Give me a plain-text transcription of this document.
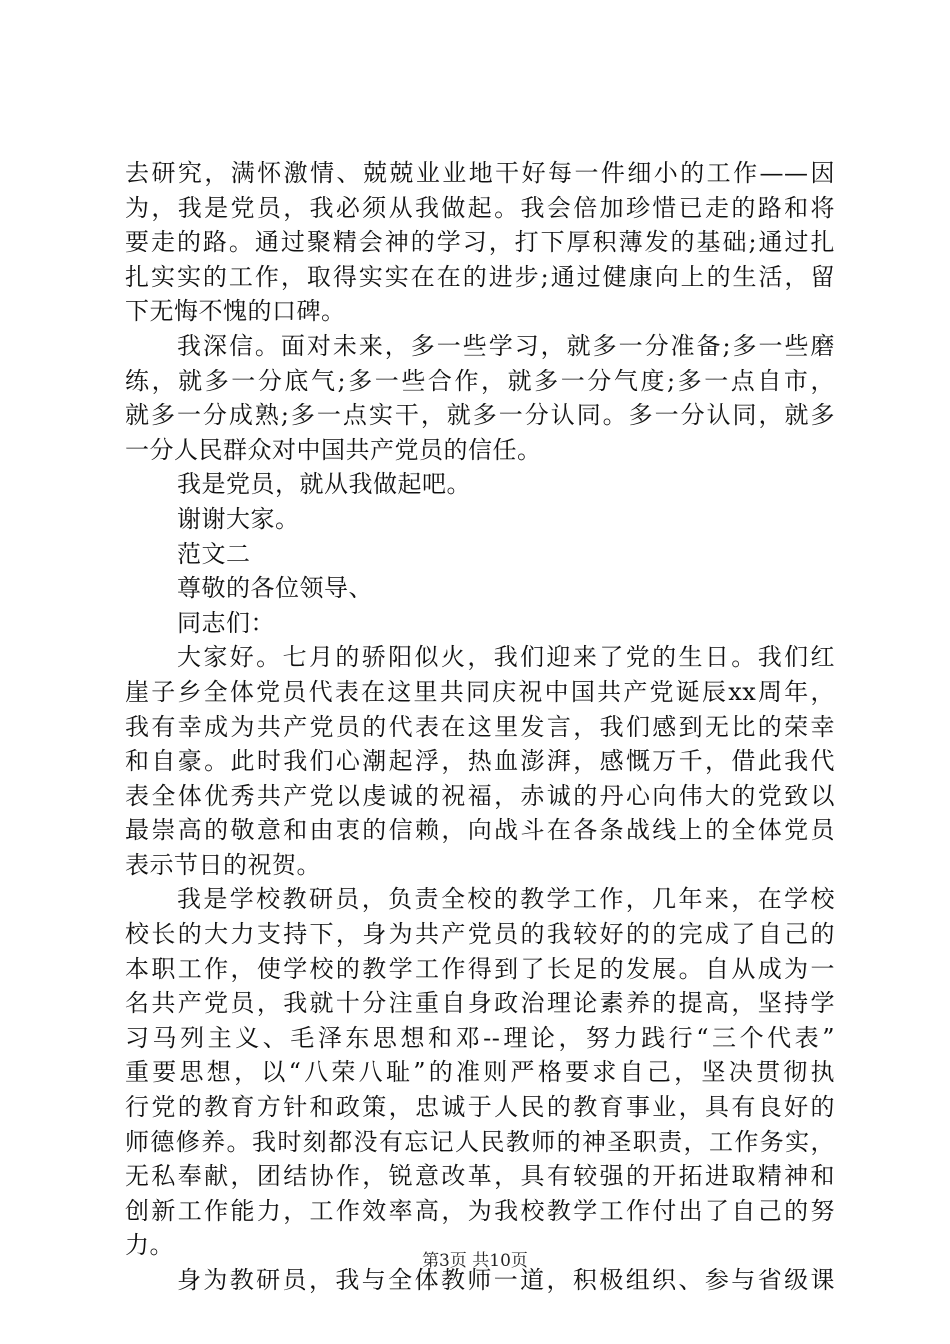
去研究，满怀激情、兢兢业业地干好每一件细小的工作——因
为，我是党员，我必须从我做起。我会倍加珍惜已走的路和将
要走的路。通过聚精会神的学习，打下厚积薄发的基础;通过扎
扎实实的工作，取得实实在在的进步;通过健康向上的生活，留
下无悔不愧的口碑。
我深信。面对未来，多一些学习，就多一分准备;多一些磨
练，就多一分底气;多一些合作，就多一分气度;多一点自市，
就多一分成熟;多一点实干，就多一分认同。多一分认同，就多
一分人民群众对中国共产党员的信任。
我是党员，就从我做起吧。
谢谢大家。
范文二
尊敬的各位领导、
同志们：
大家好。七月的骄阳似火，我们迎来了党的生日。我们红
崖子乡全体党员代表在这里共同庆祝中国共产党诞辰xx周年，
我有幸成为共产党员的代表在这里发言，我们感到无比的荣幸
和自豪。此时我们心潮起浮，热血澎湃，感慨万千，借此我代
表全体优秀共产党以虔诚的祝福，赤诚的丹心向伟大的党致以
最崇高的敬意和由衷的信赖，向战斗在各条战线上的全体党员
表示节日的祝贺。
我是学校教研员，负责全校的教学工作，几年来，在学校
校长的大力支持下，身为共产党员的我较好的的完成了自己的
本职工作，使学校的教学工作得到了长足的发展。自从成为一
名共产党员，我就十分注重自身政治理论素养的提高，坚持学
习马列主义、毛泽东思想和邓--理论，努力践行“三个代表”
重要思想，以“八荣八耻”的准则严格要求自己，坚决贯彻执
行党的教育方针和政策，忠诚于人民的教育事业，具有良好的
师德修养。我时刻都没有忘记人民教师的神圣职责，工作务实，
无私奉献，团结协作，锐意改革，具有较强的开拓进取精神和
创新工作能力，工作效率高，为我校教学工作付出了自己的努
力。
身为教研员，我与全体教师一道，积极组织、参与省级课
第3页 共10页
